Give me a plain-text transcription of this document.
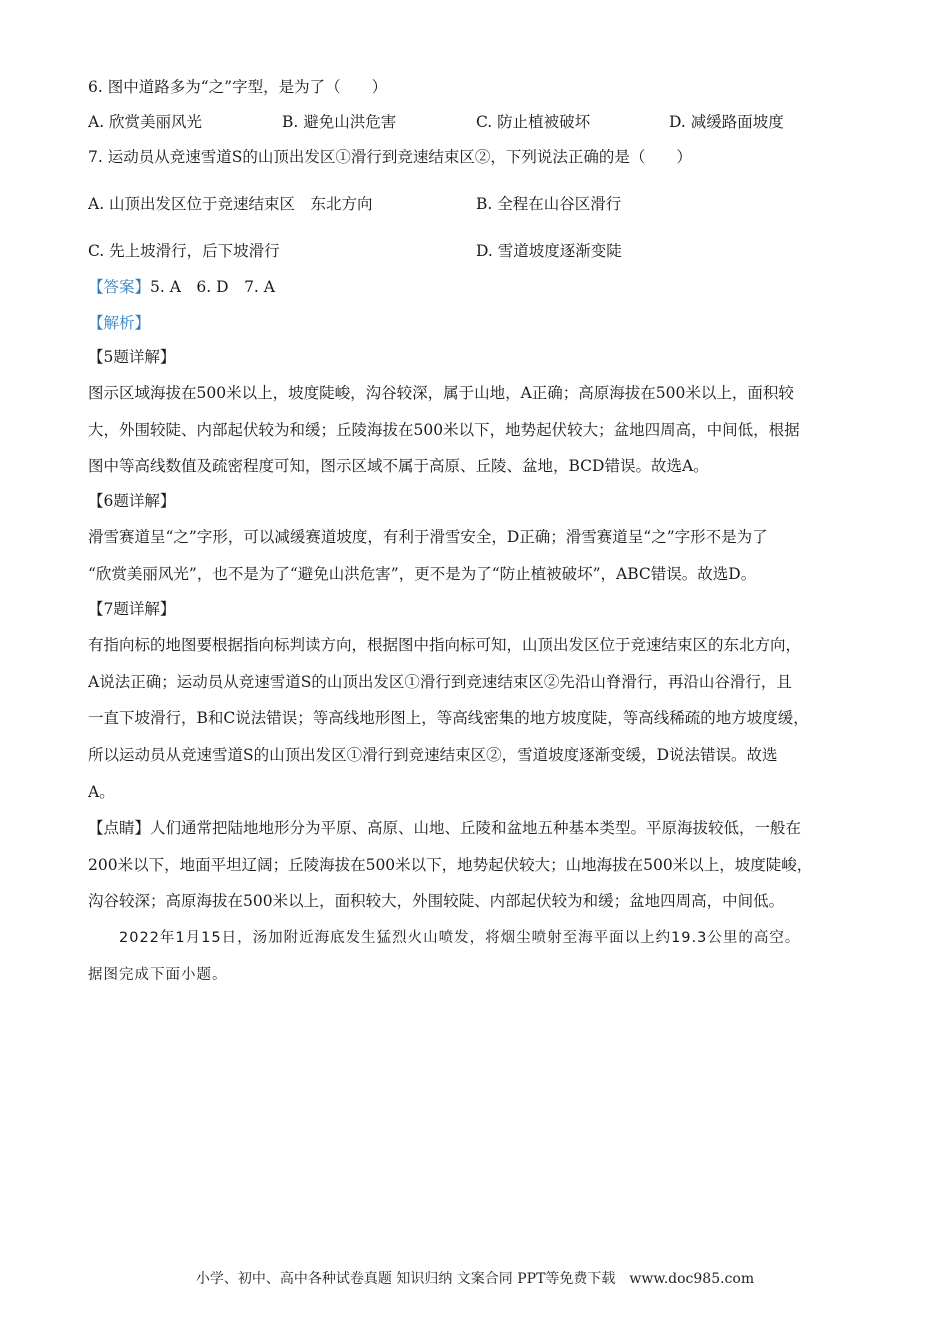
6. 图中道路多为“之”字型，是为了（　　）
A. 欣赏美丽风光	B. 避免山洪危害	C. 防止植被破坏	D. 减缓路面坡度
7. 运动员从竞速雪道S的山顶出发区①滑行到竞速结束区②，下列说法正确的是（　　）
A. 山顶出发区位于竞速结束区　东北方向	B. 全程在山谷区滑行
C. 先上坡滑行，后下坡滑行	D. 雪道坡度逐渐变陡
【答案】5. A　6. D　7. A
【解析】
【5题详解】
图示区域海拔在500米以上，坡度陡峻，沟谷较深，属于山地，A正确；高原海拔在500米以上，面积较
大，外围较陡、内部起伏较为和缓；丘陵海拔在500米以下，地势起伏较大；盆地四周高，中间低，根据
图中等高线数值及疏密程度可知，图示区域不属于高原、丘陵、盆地，BCD错误。故选A。
【6题详解】
滑雪赛道呈“之”字形，可以减缓赛道坡度，有利于滑雪安全，D正确；滑雪赛道呈“之”字形不是为了
“欣赏美丽风光”，也不是为了“避免山洪危害”，更不是为了“防止植被破坏”，ABC错误。故选D。
【7题详解】
有指向标的地图要根据指向标判读方向，根据图中指向标可知，山顶出发区位于竞速结束区的东北方向，
A说法正确；运动员从竞速雪道S的山顶出发区①滑行到竞速结束区②先沿山脊滑行，再沿山谷滑行，且
一直下坡滑行，B和C说法错误；等高线地形图上，等高线密集的地方坡度陡，等高线稀疏的地方坡度缓，
所以运动员从竞速雪道S的山顶出发区①滑行到竞速结束区②，雪道坡度逐渐变缓，D说法错误。故选
A。
【点睛】人们通常把陆地地形分为平原、高原、山地、丘陵和盆地五种基本类型。平原海拔较低，一般在
200米以下，地面平坦辽阔；丘陵海拔在500米以下，地势起伏较大；山地海拔在500米以上，坡度陡峻，
沟谷较深；高原海拔在500米以上，面积较大，外围较陡、内部起伏较为和缓；盆地四周高，中间低。
2022年1月15日，汤加附近海底发生猛烈火山喷发，将烟尘喷射至海平面以上约19.3公里的高空。
据图完成下面小题。
小学、初中、高中各种试卷真题 知识归纳 文案合同 PPT等免费下载　www.doc985.com
